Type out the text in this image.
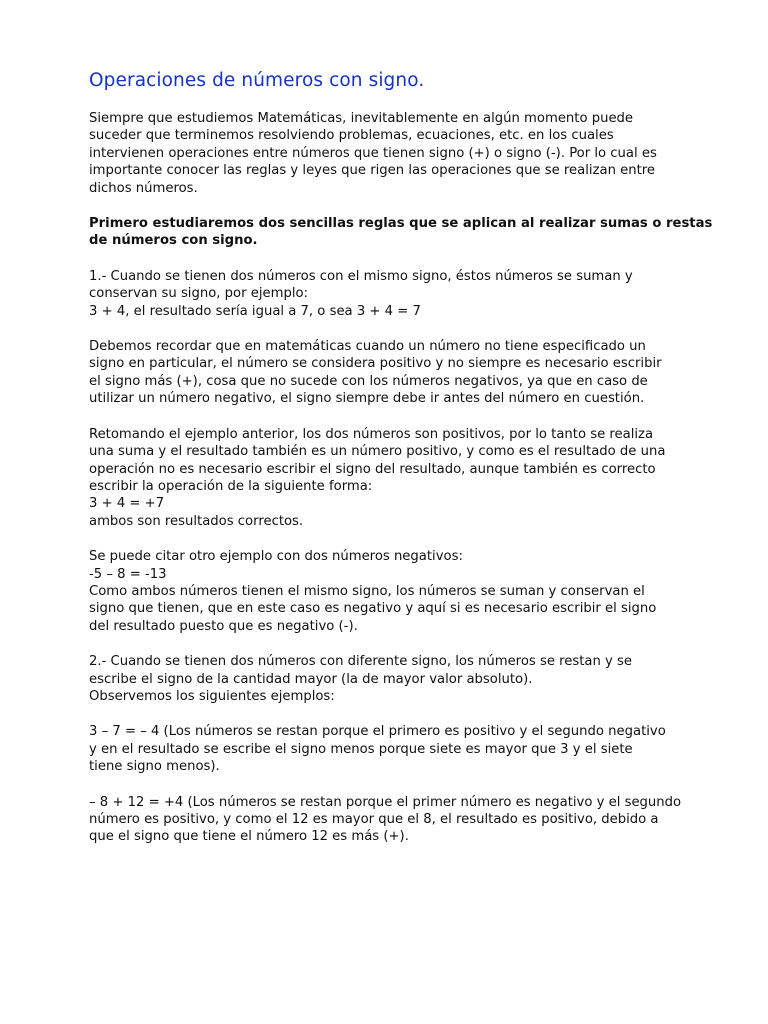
Operaciones de números con signo.

Siempre que estudiemos Matemáticas, inevitablemente en algún momento puede
suceder que terminemos resolviendo problemas, ecuaciones, etc. en los cuales
intervienen operaciones entre números que tienen signo (+) o signo (-). Por lo cual es
importante conocer las reglas y leyes que rigen las operaciones que se realizan entre
dichos números.

Primero estudiaremos dos sencillas reglas que se aplican al realizar sumas o restas
de números con signo.

1.- Cuando se tienen dos números con el mismo signo, éstos números se suman y
conservan su signo, por ejemplo:
3 + 4, el resultado sería igual a 7, o sea 3 + 4 = 7

Debemos recordar que en matemáticas cuando un número no tiene especificado un
signo en particular, el número se considera positivo y no siempre es necesario escribir
el signo más (+), cosa que no sucede con los números negativos, ya que en caso de
utilizar un número negativo, el signo siempre debe ir antes del número en cuestión.

Retomando el ejemplo anterior, los dos números son positivos, por lo tanto se realiza
una suma y el resultado también es un número positivo, y como es el resultado de una
operación no es necesario escribir el signo del resultado, aunque también es correcto
escribir la operación de la siguiente forma:
3 + 4 = +7
ambos son resultados correctos.

Se puede citar otro ejemplo con dos números negativos:
-5 – 8 = -13
Como ambos números tienen el mismo signo, los números se suman y conservan el
signo que tienen, que en este caso es negativo y aquí si es necesario escribir el signo
del resultado puesto que es negativo (-).

2.- Cuando se tienen dos números con diferente signo, los números se restan y se
escribe el signo de la cantidad mayor (la de mayor valor absoluto).
Observemos los siguientes ejemplos:

3 – 7 = – 4 (Los números se restan porque el primero es positivo y el segundo negativo
y en el resultado se escribe el signo menos porque siete es mayor que 3 y el siete
tiene signo menos).

– 8 + 12 = +4 (Los números se restan porque el primer número es negativo y el segundo
número es positivo, y como el 12 es mayor que el 8, el resultado es positivo, debido a
que el signo que tiene el número 12 es más (+).
